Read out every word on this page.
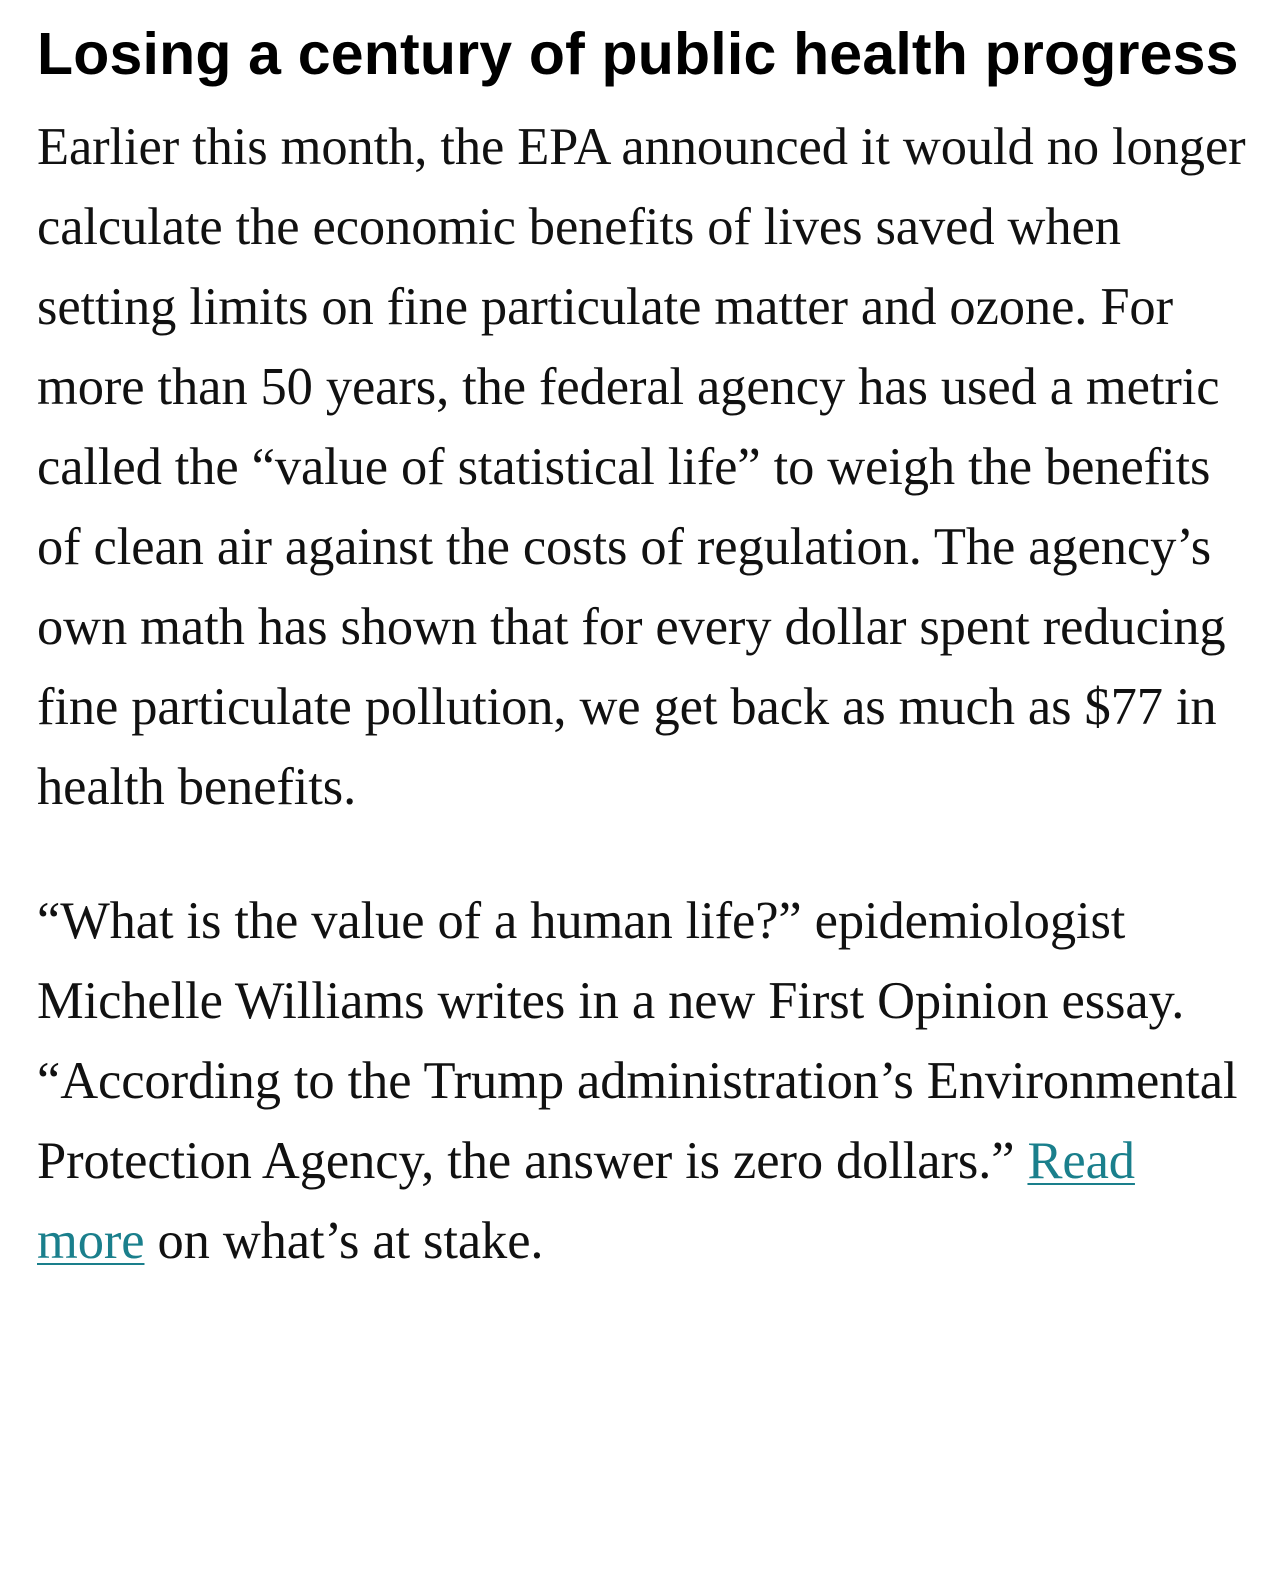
Losing a century of public health progress

Earlier this month, the EPA announced it would no longer calculate the economic benefits of lives saved when setting limits on fine particulate matter and ozone. For more than 50 years, the federal agency has used a metric called the “value of statistical life” to weigh the benefits of clean air against the costs of regulation. The agency’s own math has shown that for every dollar spent reducing fine particulate pollution, we get back as much as $77 in health benefits.

“What is the value of a human life?” epidemiologist Michelle Williams writes in a new First Opinion essay. “According to the Trump administration’s Environmental Protection Agency, the answer is zero dollars.” Read more on what’s at stake.
